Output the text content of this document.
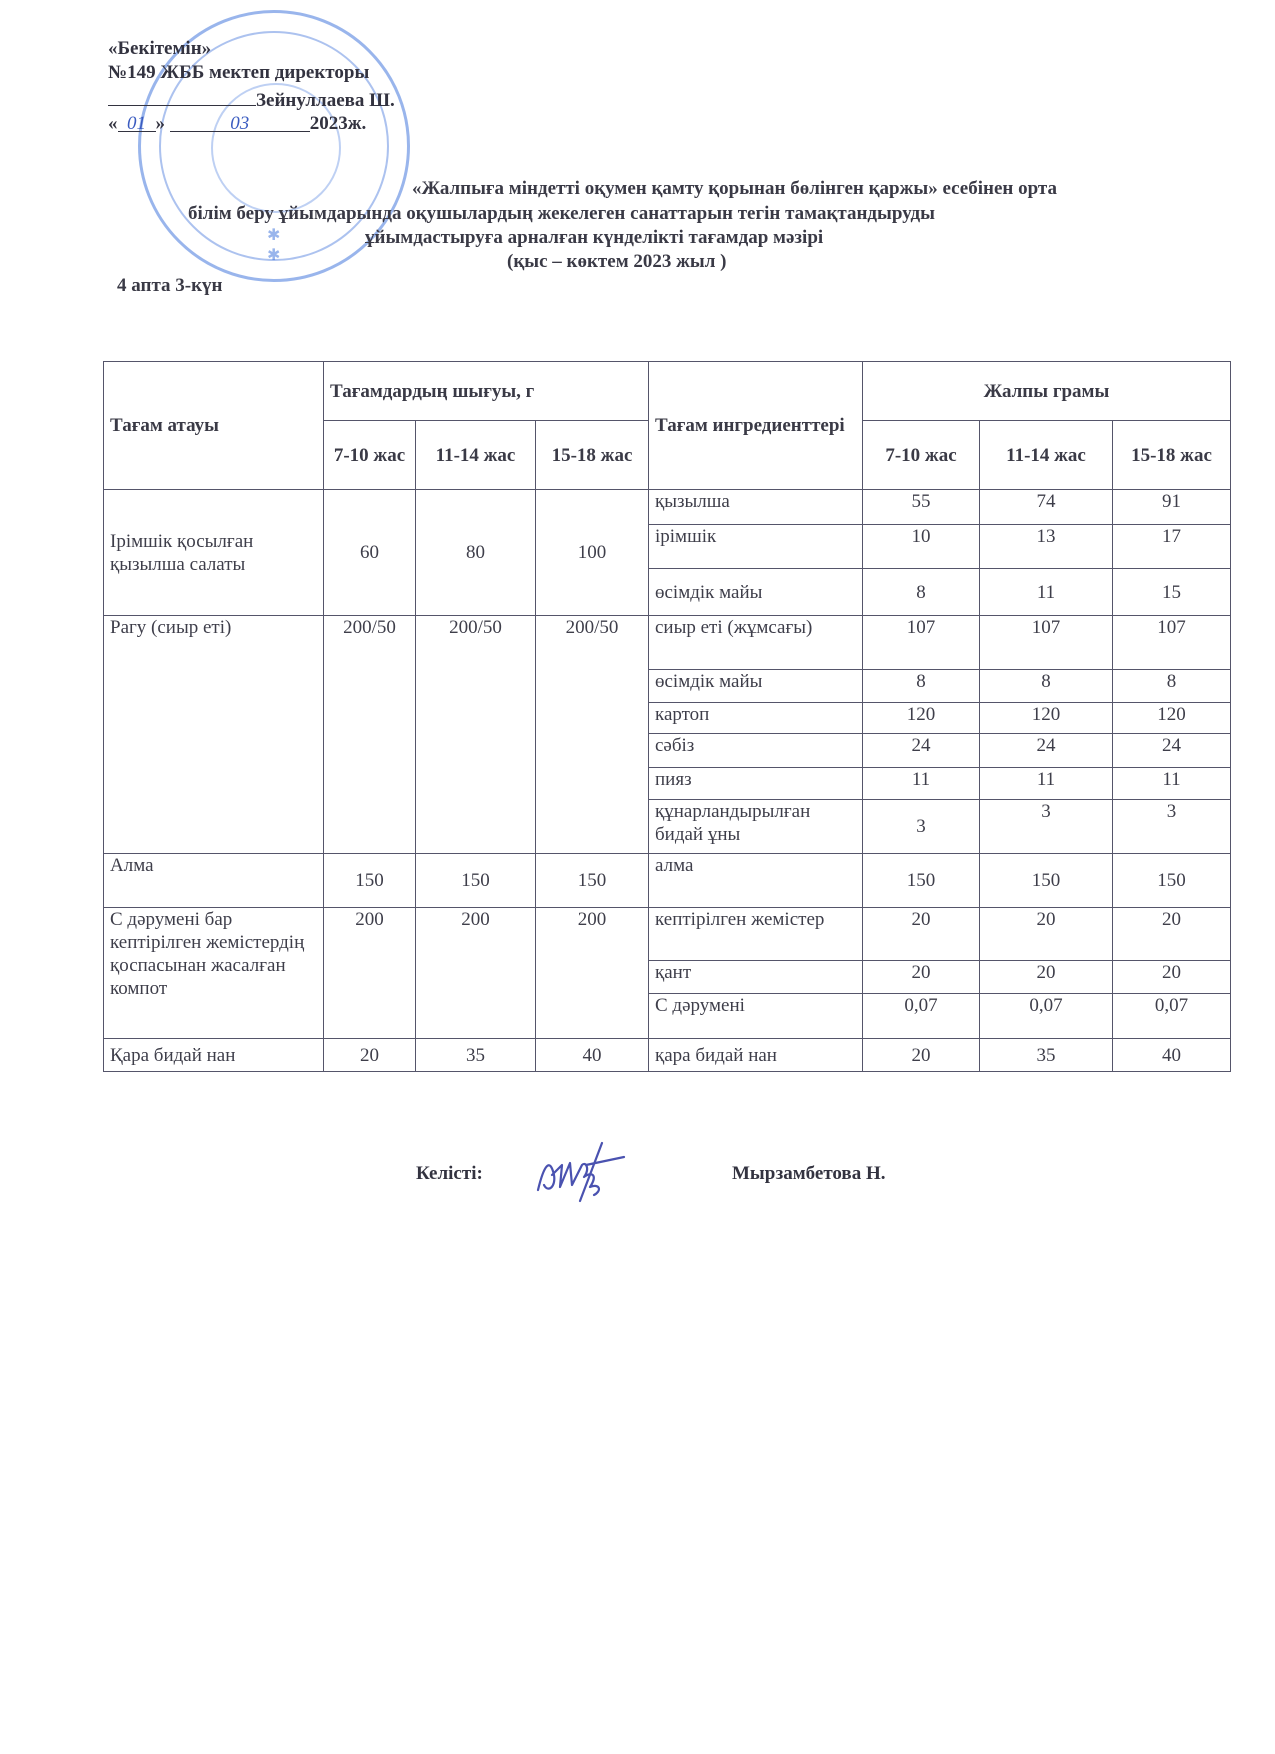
✱
✱
«Бекітемін»
№149 ЖББ мектеп директоры
Зейнуллаева Ш.
« 01 »	03	2023ж.
«Жалпыға міндетті оқумен қамту қорынан бөлінген қаржы» есебінен орта
білім беру ұйымдарында оқушылардың жекелеген санаттарын тегін тамақтандыруды
ұйымдастыруға арналған күнделікті тағамдар мәзірі
(қыс – көктем 2023 жыл )
4 апта 3-күн
Тағам атауы	Тағамдардың шығуы, г			Тағам ингредиенттері	Жалпы грамы		
	7-10 жас	11-14 жас	15-18 жас		7-10 жас	11-14 жас	15-18 жас
Ірімшік қосылған қызылша салаты	60	80	100	қызылша	55	74	91
				ірімшік	10	13	17
				өсімдік майы	8	11	15
Рагу (сиыр еті)	200/50	200/50	200/50	сиыр еті (жұмсағы)	107	107	107
				өсімдік майы	8	8	8
				картоп	120	120	120
				сәбіз	24	24	24
				пияз	11	11	11
				құнарландырылған бидай ұны	3	3	3
Алма	150	150	150	алма	150	150	150
С дәрумені бар кептірілген жемістердің қоспасынан жасалған компот	200	200	200	кептірілген жемістер	20	20	20
				қант	20	20	20
				С дәрумені	0,07	0,07	0,07
Қара бидай нан	20	35	40	қара бидай нан	20	35	40
Келісті:	Мырзамбетова Н.
